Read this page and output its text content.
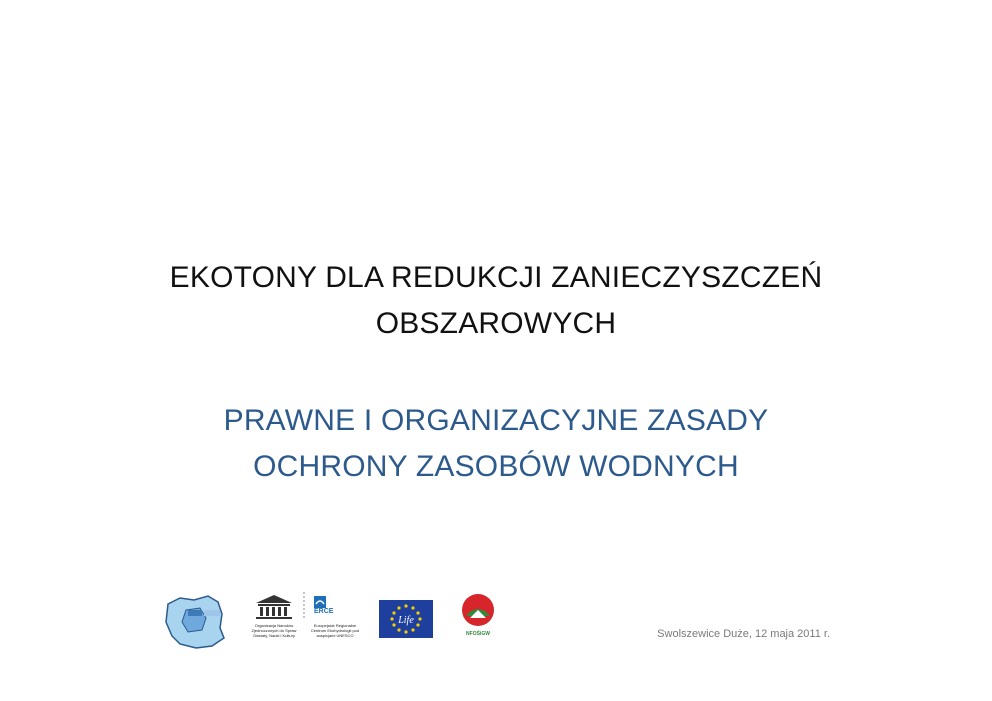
EKOTONY DLA REDUKCJI ZANIECZYSZCZEŃ
OBSZAROWYCH
PRAWNE I ORGANIZACYJNE ZASADY
OCHRONY ZASOBÓW WODNYCH
Organizacja Narodów Zjednoczonych do Spraw Oświaty, Nauki i Kultury
ERCE
Europejskie Regionalne Centrum Ekohydrologii pod auspicjami UNESCO
Life
NFOŚiGW	Swolszewice Duże, 12 maja 2011 r.
